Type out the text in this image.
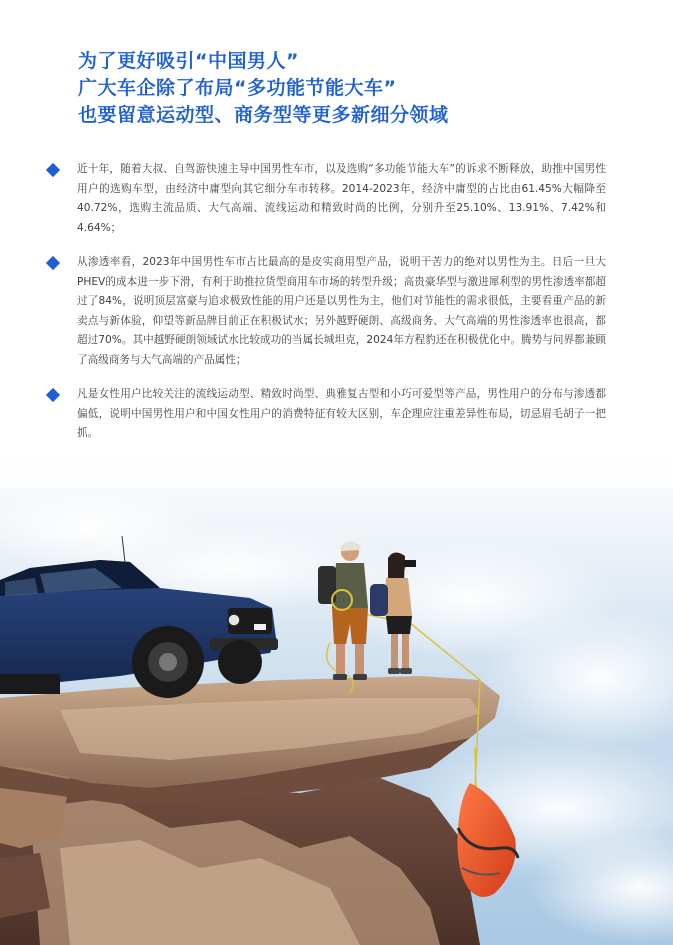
为了更好吸引“中国男人”
广大车企除了布局“多功能节能大车”
也要留意运动型、商务型等更多新细分领域

近十年，随着大叔、自驾游快速主导中国男性车市，以及选购“多功能节能大车”的诉求不断释放，助推中国男性用户的选购车型，由经济中庸型向其它细分车市转移。2014-2023年，经济中庸型的占比由61.45%大幅降至40.72%，选购主流品质、大气高端、流线运动和精致时尚的比例，分别升至25.10%、13.91%、7.42%和4.64%；

从渗透率看，2023年中国男性车市占比最高的是皮实商用型产品，说明干苦力的绝对以男性为主。日后一旦大PHEV的成本进一步下滑，有利于助推拉货型商用车市场的转型升级；高贵豪华型与激进犀利型的男性渗透率都超过了84%，说明顶层富豪与追求极致性能的用户还是以男性为主，他们对节能性的需求很低，主要看重产品的新卖点与新体验，仰望等新品牌目前正在积极试水；另外越野硬朗、高级商务、大气高端的男性渗透率也很高，都超过70%。其中越野硬朗领域试水比较成功的当属长城坦克，2024年方程豹还在积极优化中。腾势与问界都兼顾了高级商务与大气高端的产品属性；

凡是女性用户比较关注的流线运动型、精致时尚型、典雅复古型和小巧可爱型等产品，男性用户的分布与渗透都偏低，说明中国男性用户和中国女性用户的消费特征有较大区别，车企理应注重差异性布局，切忌眉毛胡子一把抓。
